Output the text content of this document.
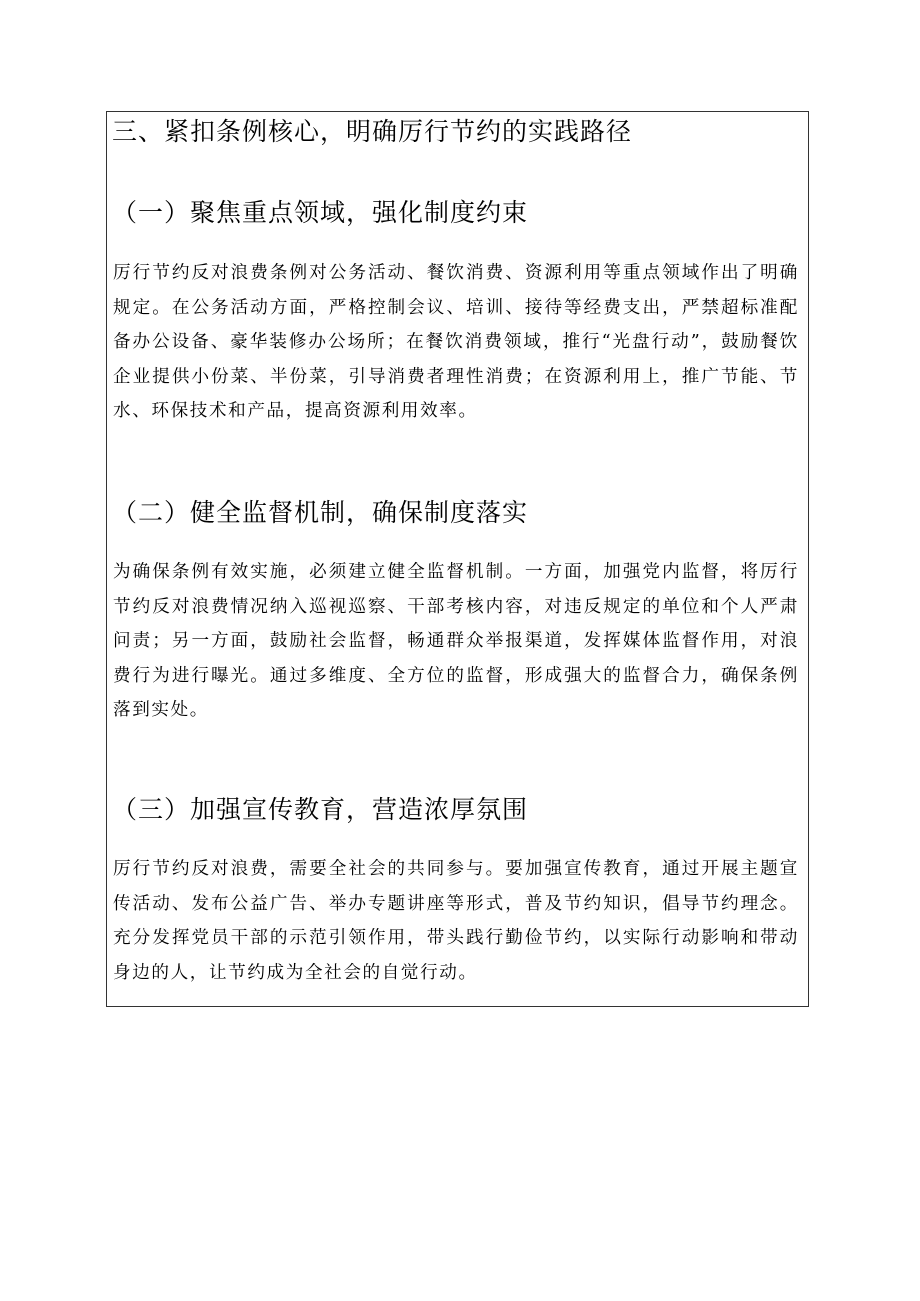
三、紧扣条例核心，明确厉行节约的实践路径
（一）聚焦重点领域，强化制度约束

厉行节约反对浪费条例对公务活动、餐饮消费、资源利用等重点领域作出了明确规定。在公务活动方面，严格控制会议、培训、接待等经费支出，严禁超标准配备办公设备、豪华装修办公场所；在餐饮消费领域，推行“光盘行动”，鼓励餐饮企业提供小份菜、半份菜，引导消费者理性消费；在资源利用上，推广节能、节水、环保技术和产品，提高资源利用效率。

（二）健全监督机制，确保制度落实

为确保条例有效实施，必须建立健全监督机制。一方面，加强党内监督，将厉行节约反对浪费情况纳入巡视巡察、干部考核内容，对违反规定的单位和个人严肃问责；另一方面，鼓励社会监督，畅通群众举报渠道，发挥媒体监督作用，对浪费行为进行曝光。通过多维度、全方位的监督，形成强大的监督合力，确保条例落到实处。

（三）加强宣传教育，营造浓厚氛围

厉行节约反对浪费，需要全社会的共同参与。要加强宣传教育，通过开展主题宣传活动、发布公益广告、举办专题讲座等形式，普及节约知识，倡导节约理念。充分发挥党员干部的示范引领作用，带头践行勤俭节约，以实际行动影响和带动身边的人，让节约成为全社会的自觉行动。
